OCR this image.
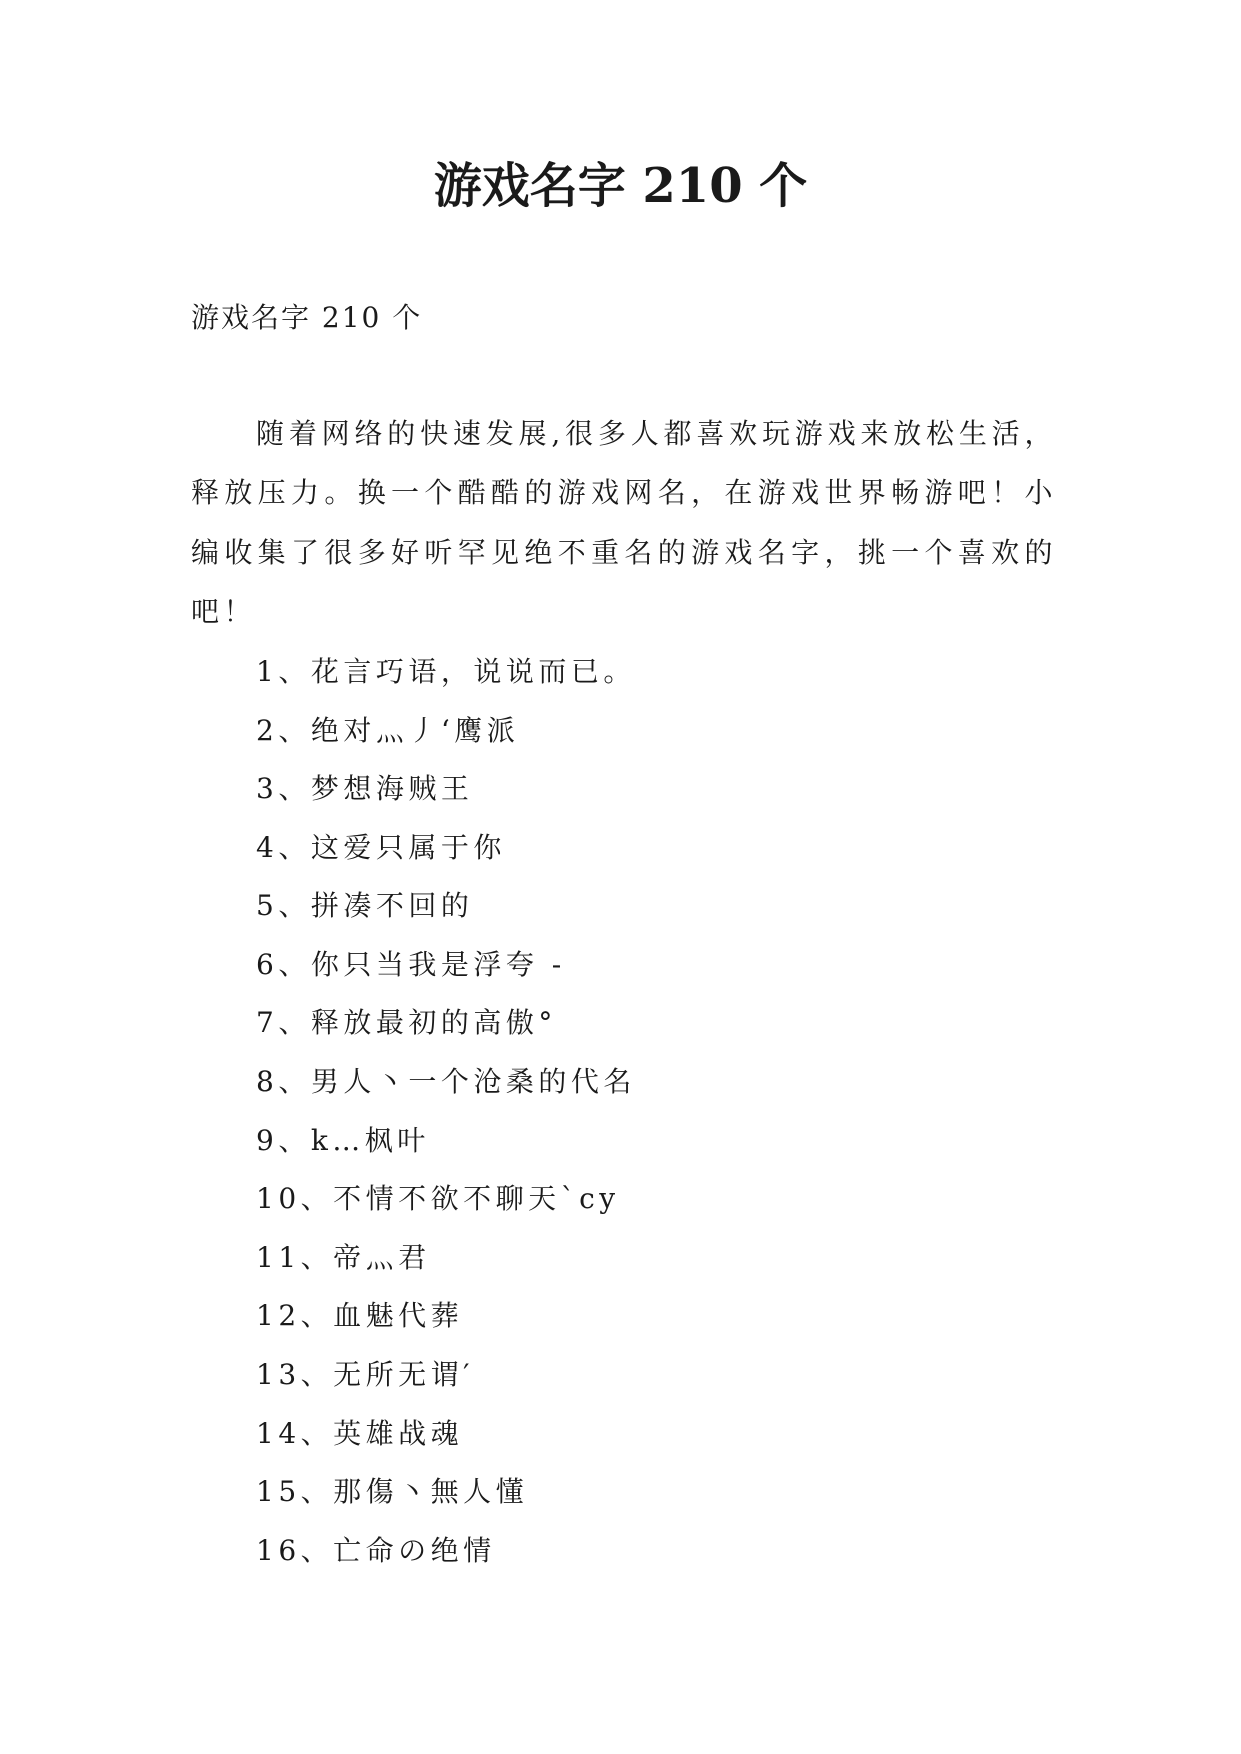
游戏名字 210 个
游戏名字 210 个
随着网络的快速发展,很多人都喜欢玩游戏来放松生活，
释放压力。换一个酷酷的游戏网名，在游戏世界畅游吧！小
编收集了很多好听罕见绝不重名的游戏名字，挑一个喜欢的
吧！
1、花言巧语，说说而已。
2、绝对灬丿‘鹰派
3、梦想海贼王
4、这爱只属于你
5、拼凑不回的
6、你只当我是浮夸 -
7、释放最初的高傲°
8、男人丶一个沧桑的代名
9、k…枫叶
10、不情不欲不聊天`cy
11、帝灬君
12、血魅代葬
13、无所无谓′
14、英雄战魂
15、那傷丶無人懂
16、亡命の绝情
